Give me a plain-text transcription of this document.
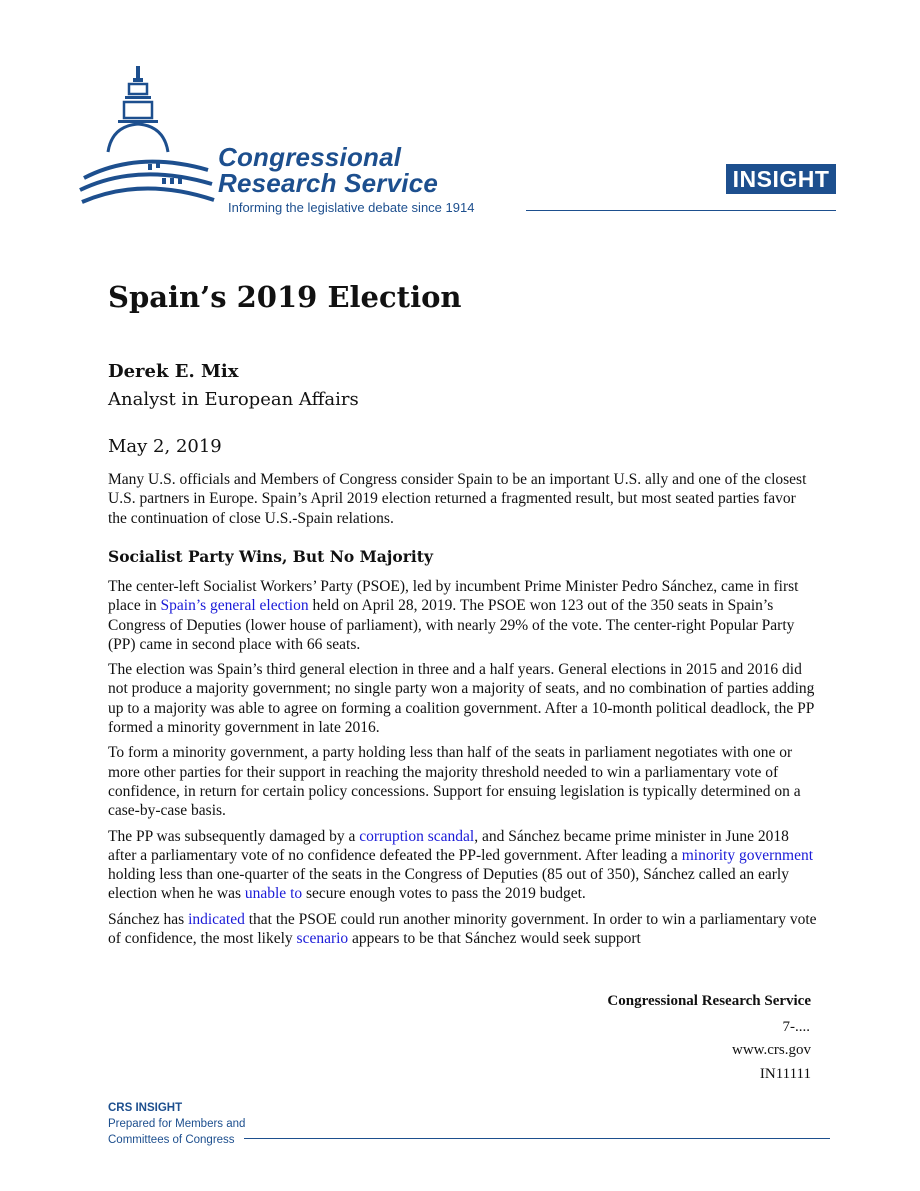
Congressional
Research Service
Informing the legislative debate since 1914
INSIGHT
Spain’s 2019 Election
Derek E. Mix
Analyst in European Affairs
May 2, 2019

Many U.S. officials and Members of Congress consider Spain to be an important U.S. ally and one of the closest U.S. partners in Europe. Spain’s April 2019 election returned a fragmented result, but most seated parties favor the continuation of close U.S.-Spain relations.

Socialist Party Wins, But No Majority

The center-left Socialist Workers’ Party (PSOE), led by incumbent Prime Minister Pedro Sánchez, came in first place in Spain’s general election held on April 28, 2019. The PSOE won 123 out of the 350 seats in Spain’s Congress of Deputies (lower house of parliament), with nearly 29% of the vote. The center-right Popular Party (PP) came in second place with 66 seats.

The election was Spain’s third general election in three and a half years. General elections in 2015 and 2016 did not produce a majority government; no single party won a majority of seats, and no combination of parties adding up to a majority was able to agree on forming a coalition government. After a 10-month political deadlock, the PP formed a minority government in late 2016.

To form a minority government, a party holding less than half of the seats in parliament negotiates with one or more other parties for their support in reaching the majority threshold needed to win a parliamentary vote of confidence, in return for certain policy concessions. Support for ensuing legislation is typically determined on a case-by-case basis.

The PP was subsequently damaged by a corruption scandal, and Sánchez became prime minister in June 2018 after a parliamentary vote of no confidence defeated the PP-led government. After leading a minority government holding less than one-quarter of the seats in the Congress of Deputies (85 out of 350), Sánchez called an early election when he was unable to secure enough votes to pass the 2019 budget.

Sánchez has indicated that the PSOE could run another minority government. In order to win a parliamentary vote of confidence, the most likely scenario appears to be that Sánchez would seek support

Congressional Research Service
7-....
www.crs.gov
IN11111
CRS INSIGHT
Prepared for Members and
Committees of Congress
